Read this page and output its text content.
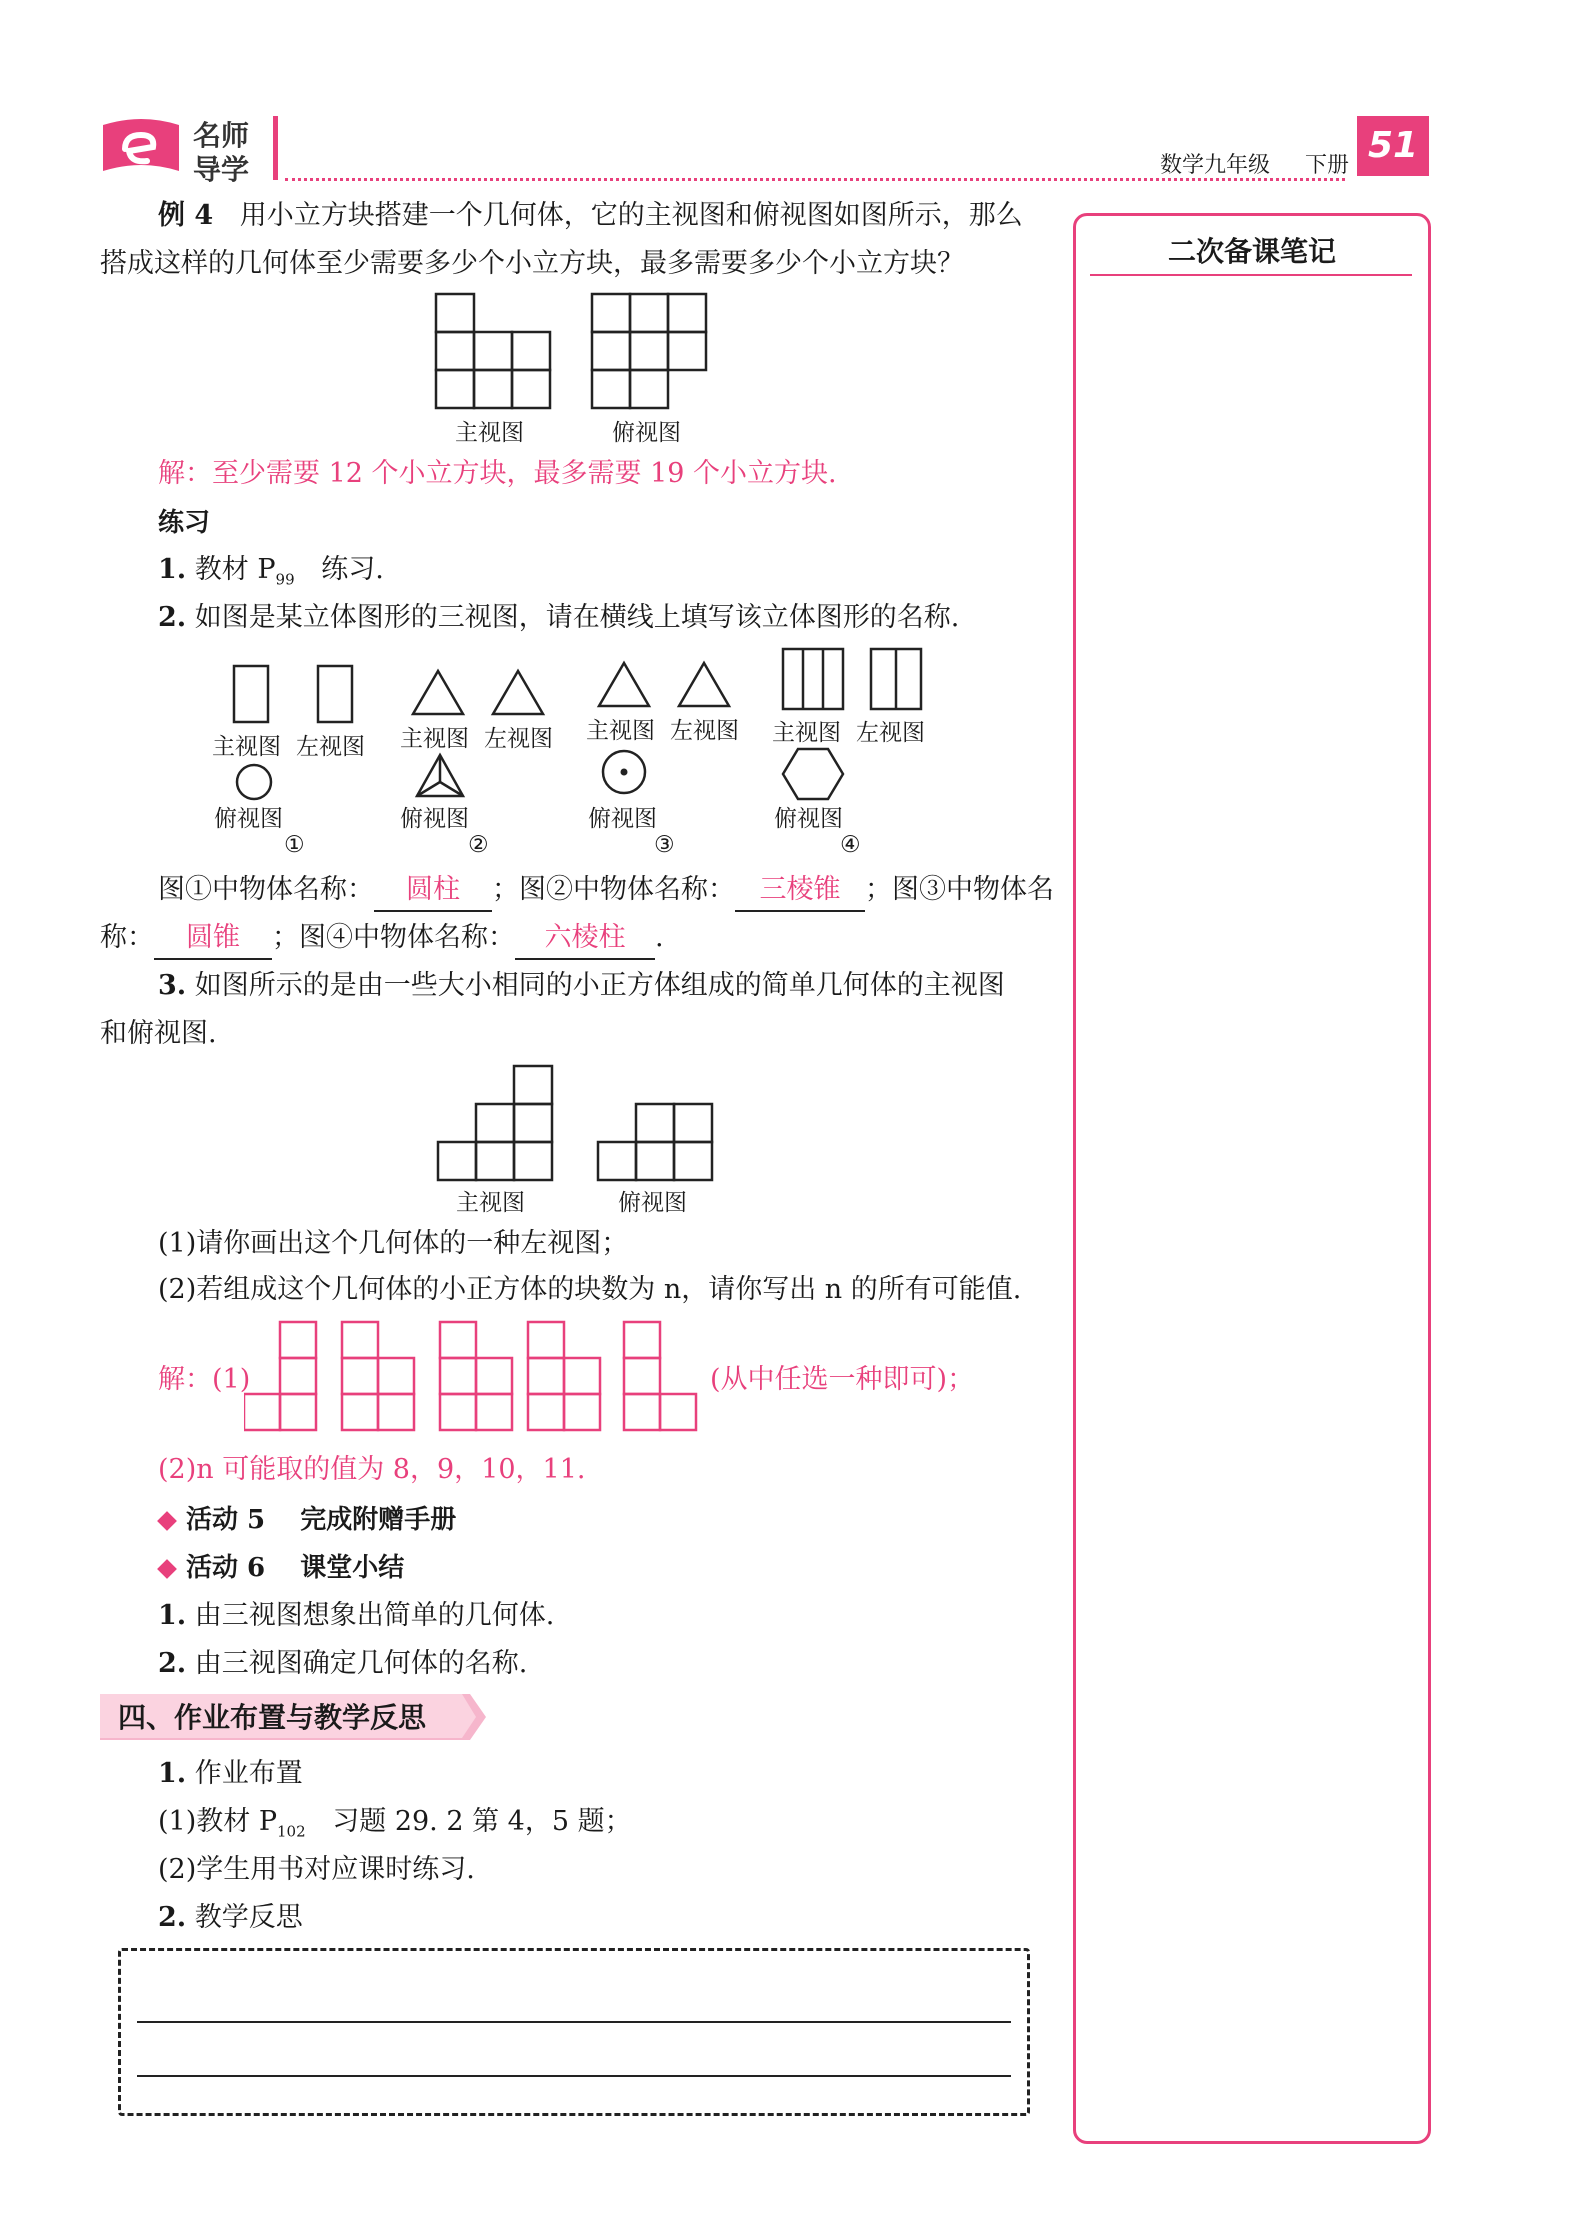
名师
导学	数学九年级 下册 51
二次备课笔记
例 4 用小立方块搭建一个几何体，它的主视图和俯视图如图所示，那么
搭成这样的几何体至少需要多少个小立方块，最多需要多少个小立方块？
主视图	俯视图
解：至少需要 12 个小立方块，最多需要 19 个小立方块.
练习
1. 教材 $P_{99}$ 练习.
2. 如图是某立体图形的三视图，请在横线上填写该立体图形的名称.
主视图 左视图
俯视图
①
主视图 左视图
俯视图
②
主视图 左视图
俯视图
③
主视图 左视图
俯视图
④
图①中物体名称： 圆柱 ；图②中物体名称： 三棱锥 ；图③中物体名
称： 圆锥 ；图④中物体名称： 六棱柱 .
3. 如图所示的是由一些大小相同的小正方体组成的简单几何体的主视图
和俯视图.
主视图	俯视图
(1)请你画出这个几何体的一种左视图；
(2)若组成这个几何体的小正方体的块数为 n，请你写出 n 的所有可能值.
解：(1)	(从中任选一种即可)；
(2)n 可能取的值为 8，9，10，11.
活动 5 完成附赠手册
活动 6 课堂小结
1. 由三视图想象出简单的几何体.
2. 由三视图确定几何体的名称.
四、作业布置与教学反思
1. 作业布置
(1)教材 $P_{102}$ 习题 29. 2 第 4，5 题；
(2)学生用书对应课时练习.
2. 教学反思
